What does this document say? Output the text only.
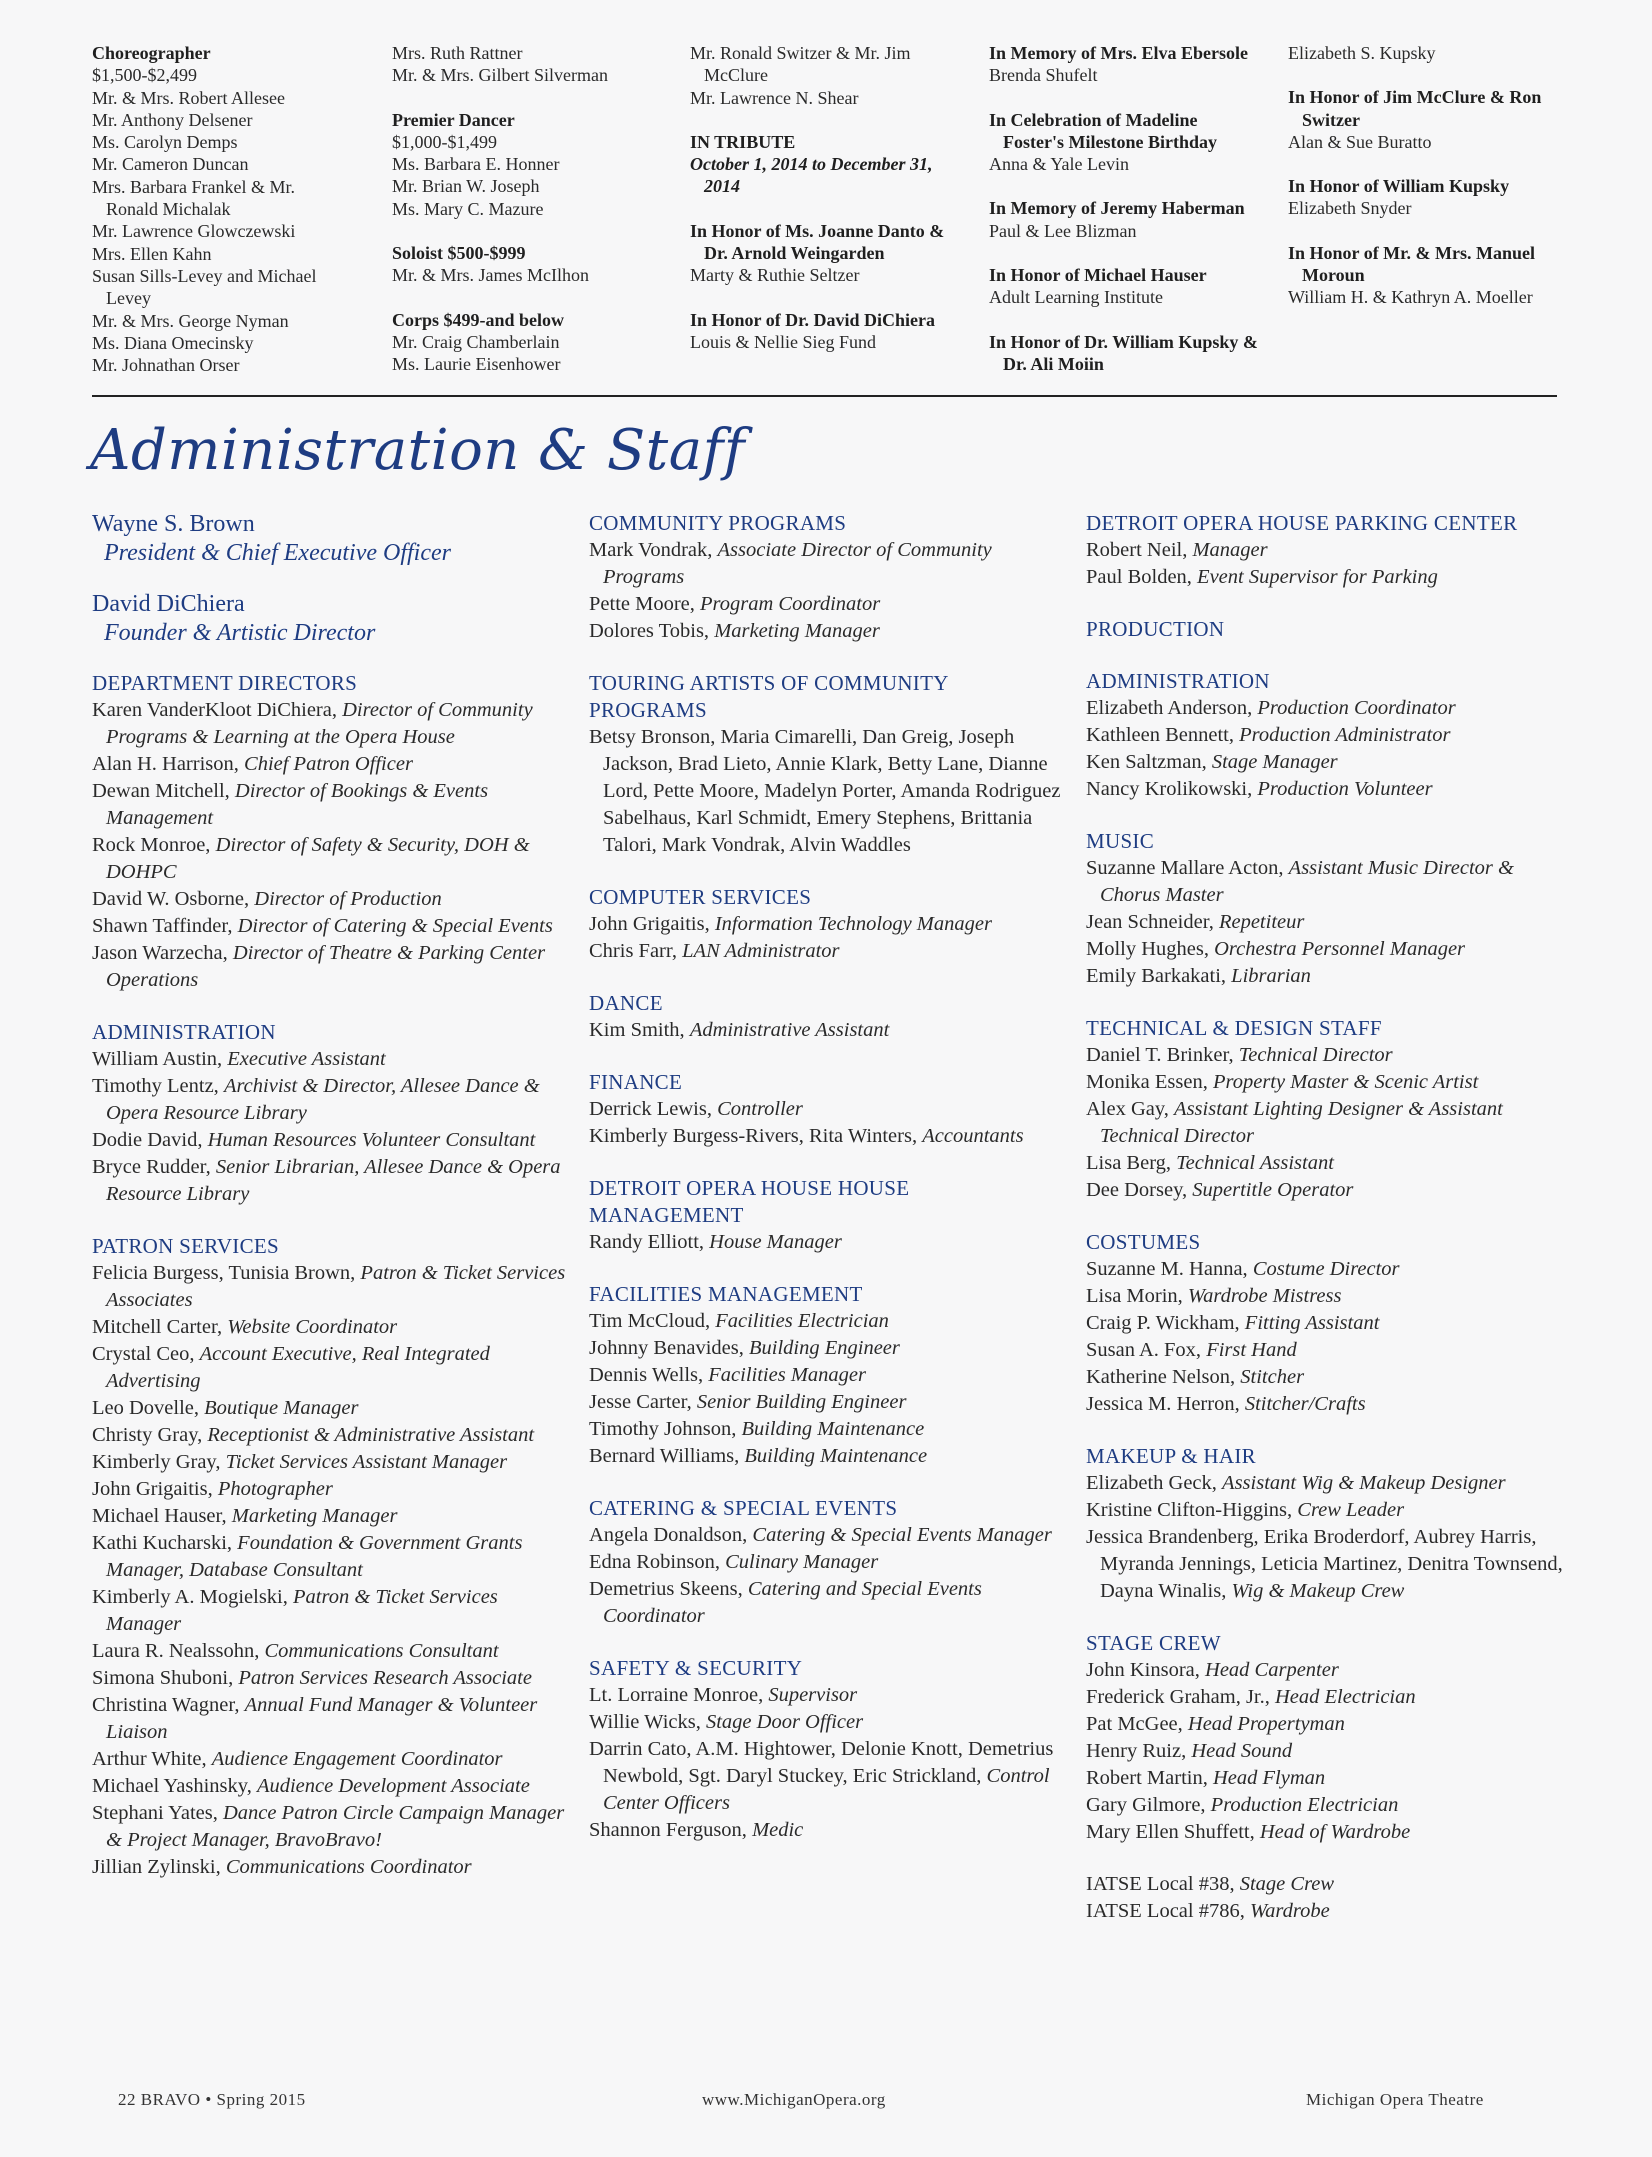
Choreographer
$1,500-$2,499
Mr. & Mrs. Robert Allesee
Mr. Anthony Delsener
Ms. Carolyn Demps
Mr. Cameron Duncan
Mrs. Barbara Frankel & Mr. Ronald Michalak
Mr. Lawrence Glowczewski
Mrs. Ellen Kahn
Susan Sills-Levey and Michael Levey
Mr. & Mrs. George Nyman
Ms. Diana Omecinsky
Mr. Johnathan Orser
Mrs. Ruth Rattner
Mr. & Mrs. Gilbert Silverman
Premier Dancer
$1,000-$1,499
Ms. Barbara E. Honner
Mr. Brian W. Joseph
Ms. Mary C. Mazure
Soloist $500-$999
Mr. & Mrs. James McIlhon
Corps $499-and below
Mr. Craig Chamberlain
Ms. Laurie Eisenhower
Mr. Ronald Switzer & Mr. Jim McClure
Mr. Lawrence N. Shear
IN TRIBUTE
October 1, 2014 to December 31, 2014
In Honor of Ms. Joanne Danto & Dr. Arnold Weingarden
Marty & Ruthie Seltzer
In Honor of Dr. David DiChiera
Louis & Nellie Sieg Fund
In Memory of Mrs. Elva Ebersole
Brenda Shufelt
In Celebration of Madeline Foster's Milestone Birthday
Anna & Yale Levin
In Memory of Jeremy Haberman
Paul & Lee Blizman
In Honor of Michael Hauser
Adult Learning Institute
In Honor of Dr. William Kupsky & Dr. Ali Moiin
Elizabeth S. Kupsky
In Honor of Jim McClure & Ron Switzer
Alan & Sue Buratto
In Honor of William Kupsky
Elizabeth Snyder
In Honor of Mr. & Mrs. Manuel Moroun
William H. & Kathryn A. Moeller
Administration & Staff
Wayne S. Brown
President & Chief Executive Officer
David DiChiera
Founder & Artistic Director
DEPARTMENT DIRECTORS
Karen VanderKloot DiChiera, Director of Community Programs & Learning at the Opera House
Alan H. Harrison, Chief Patron Officer
Dewan Mitchell, Director of Bookings & Events Management
Rock Monroe, Director of Safety & Security, DOH & DOHPC
David W. Osborne, Director of Production
Shawn Taffinder, Director of Catering & Special Events
Jason Warzecha, Director of Theatre & Parking Center Operations
ADMINISTRATION
William Austin, Executive Assistant
Timothy Lentz, Archivist & Director, Allesee Dance & Opera Resource Library
Dodie David, Human Resources Volunteer Consultant
Bryce Rudder, Senior Librarian, Allesee Dance & Opera Resource Library
PATRON SERVICES
Felicia Burgess, Tunisia Brown, Patron & Ticket Services Associates
Mitchell Carter, Website Coordinator
Crystal Ceo, Account Executive, Real Integrated Advertising
Leo Dovelle, Boutique Manager
Christy Gray, Receptionist & Administrative Assistant
Kimberly Gray, Ticket Services Assistant Manager
John Grigaitis, Photographer
Michael Hauser, Marketing Manager
Kathi Kucharski, Foundation & Government Grants Manager, Database Consultant
Kimberly A. Mogielski, Patron & Ticket Services Manager
Laura R. Nealssohn, Communications Consultant
Simona Shuboni, Patron Services Research Associate
Christina Wagner, Annual Fund Manager & Volunteer Liaison
Arthur White, Audience Engagement Coordinator
Michael Yashinsky, Audience Development Associate
Stephani Yates, Dance Patron Circle Campaign Manager & Project Manager, BravoBravo!
Jillian Zylinski, Communications Coordinator
COMMUNITY PROGRAMS
Mark Vondrak, Associate Director of Community Programs
Pette Moore, Program Coordinator
Dolores Tobis, Marketing Manager
TOURING ARTISTS OF COMMUNITY PROGRAMS
Betsy Bronson, Maria Cimarelli, Dan Greig, Joseph Jackson, Brad Lieto, Annie Klark, Betty Lane, Dianne Lord, Pette Moore, Madelyn Porter, Amanda Rodriguez Sabelhaus, Karl Schmidt, Emery Stephens, Brittania Talori, Mark Vondrak, Alvin Waddles
COMPUTER SERVICES
John Grigaitis, Information Technology Manager
Chris Farr, LAN Administrator
DANCE
Kim Smith, Administrative Assistant
FINANCE
Derrick Lewis, Controller
Kimberly Burgess-Rivers, Rita Winters, Accountants
DETROIT OPERA HOUSE HOUSE MANAGEMENT
Randy Elliott, House Manager
FACILITIES MANAGEMENT
Tim McCloud, Facilities Electrician
Johnny Benavides, Building Engineer
Dennis Wells, Facilities Manager
Jesse Carter, Senior Building Engineer
Timothy Johnson, Building Maintenance
Bernard Williams, Building Maintenance
CATERING & SPECIAL EVENTS
Angela Donaldson, Catering & Special Events Manager
Edna Robinson, Culinary Manager
Demetrius Skeens, Catering and Special Events Coordinator
SAFETY & SECURITY
Lt. Lorraine Monroe, Supervisor
Willie Wicks, Stage Door Officer
Darrin Cato, A.M. Hightower, Delonie Knott, Demetrius Newbold, Sgt. Daryl Stuckey, Eric Strickland, Control Center Officers
Shannon Ferguson, Medic
DETROIT OPERA HOUSE PARKING CENTER
Robert Neil, Manager
Paul Bolden, Event Supervisor for Parking
PRODUCTION
ADMINISTRATION
Elizabeth Anderson, Production Coordinator
Kathleen Bennett, Production Administrator
Ken Saltzman, Stage Manager
Nancy Krolikowski, Production Volunteer
MUSIC
Suzanne Mallare Acton, Assistant Music Director & Chorus Master
Jean Schneider, Repetiteur
Molly Hughes, Orchestra Personnel Manager
Emily Barkakati, Librarian
TECHNICAL & DESIGN STAFF
Daniel T. Brinker, Technical Director
Monika Essen, Property Master & Scenic Artist
Alex Gay, Assistant Lighting Designer & Assistant Technical Director
Lisa Berg, Technical Assistant
Dee Dorsey, Supertitle Operator
COSTUMES
Suzanne M. Hanna, Costume Director
Lisa Morin, Wardrobe Mistress
Craig P. Wickham, Fitting Assistant
Susan A. Fox, First Hand
Katherine Nelson, Stitcher
Jessica M. Herron, Stitcher/Crafts
MAKEUP & HAIR
Elizabeth Geck, Assistant Wig & Makeup Designer
Kristine Clifton-Higgins, Crew Leader
Jessica Brandenberg, Erika Broderdorf, Aubrey Harris, Myranda Jennings, Leticia Martinez, Denitra Townsend, Dayna Winalis, Wig & Makeup Crew
STAGE CREW
John Kinsora, Head Carpenter
Frederick Graham, Jr., Head Electrician
Pat McGee, Head Propertyman
Henry Ruiz, Head Sound
Robert Martin, Head Flyman
Gary Gilmore, Production Electrician
Mary Ellen Shuffett, Head of Wardrobe
IATSE Local #38, Stage Crew
IATSE Local #786, Wardrobe
22 BRAVO • Spring 2015	www.MichiganOpera.org	Michigan Opera Theatre
